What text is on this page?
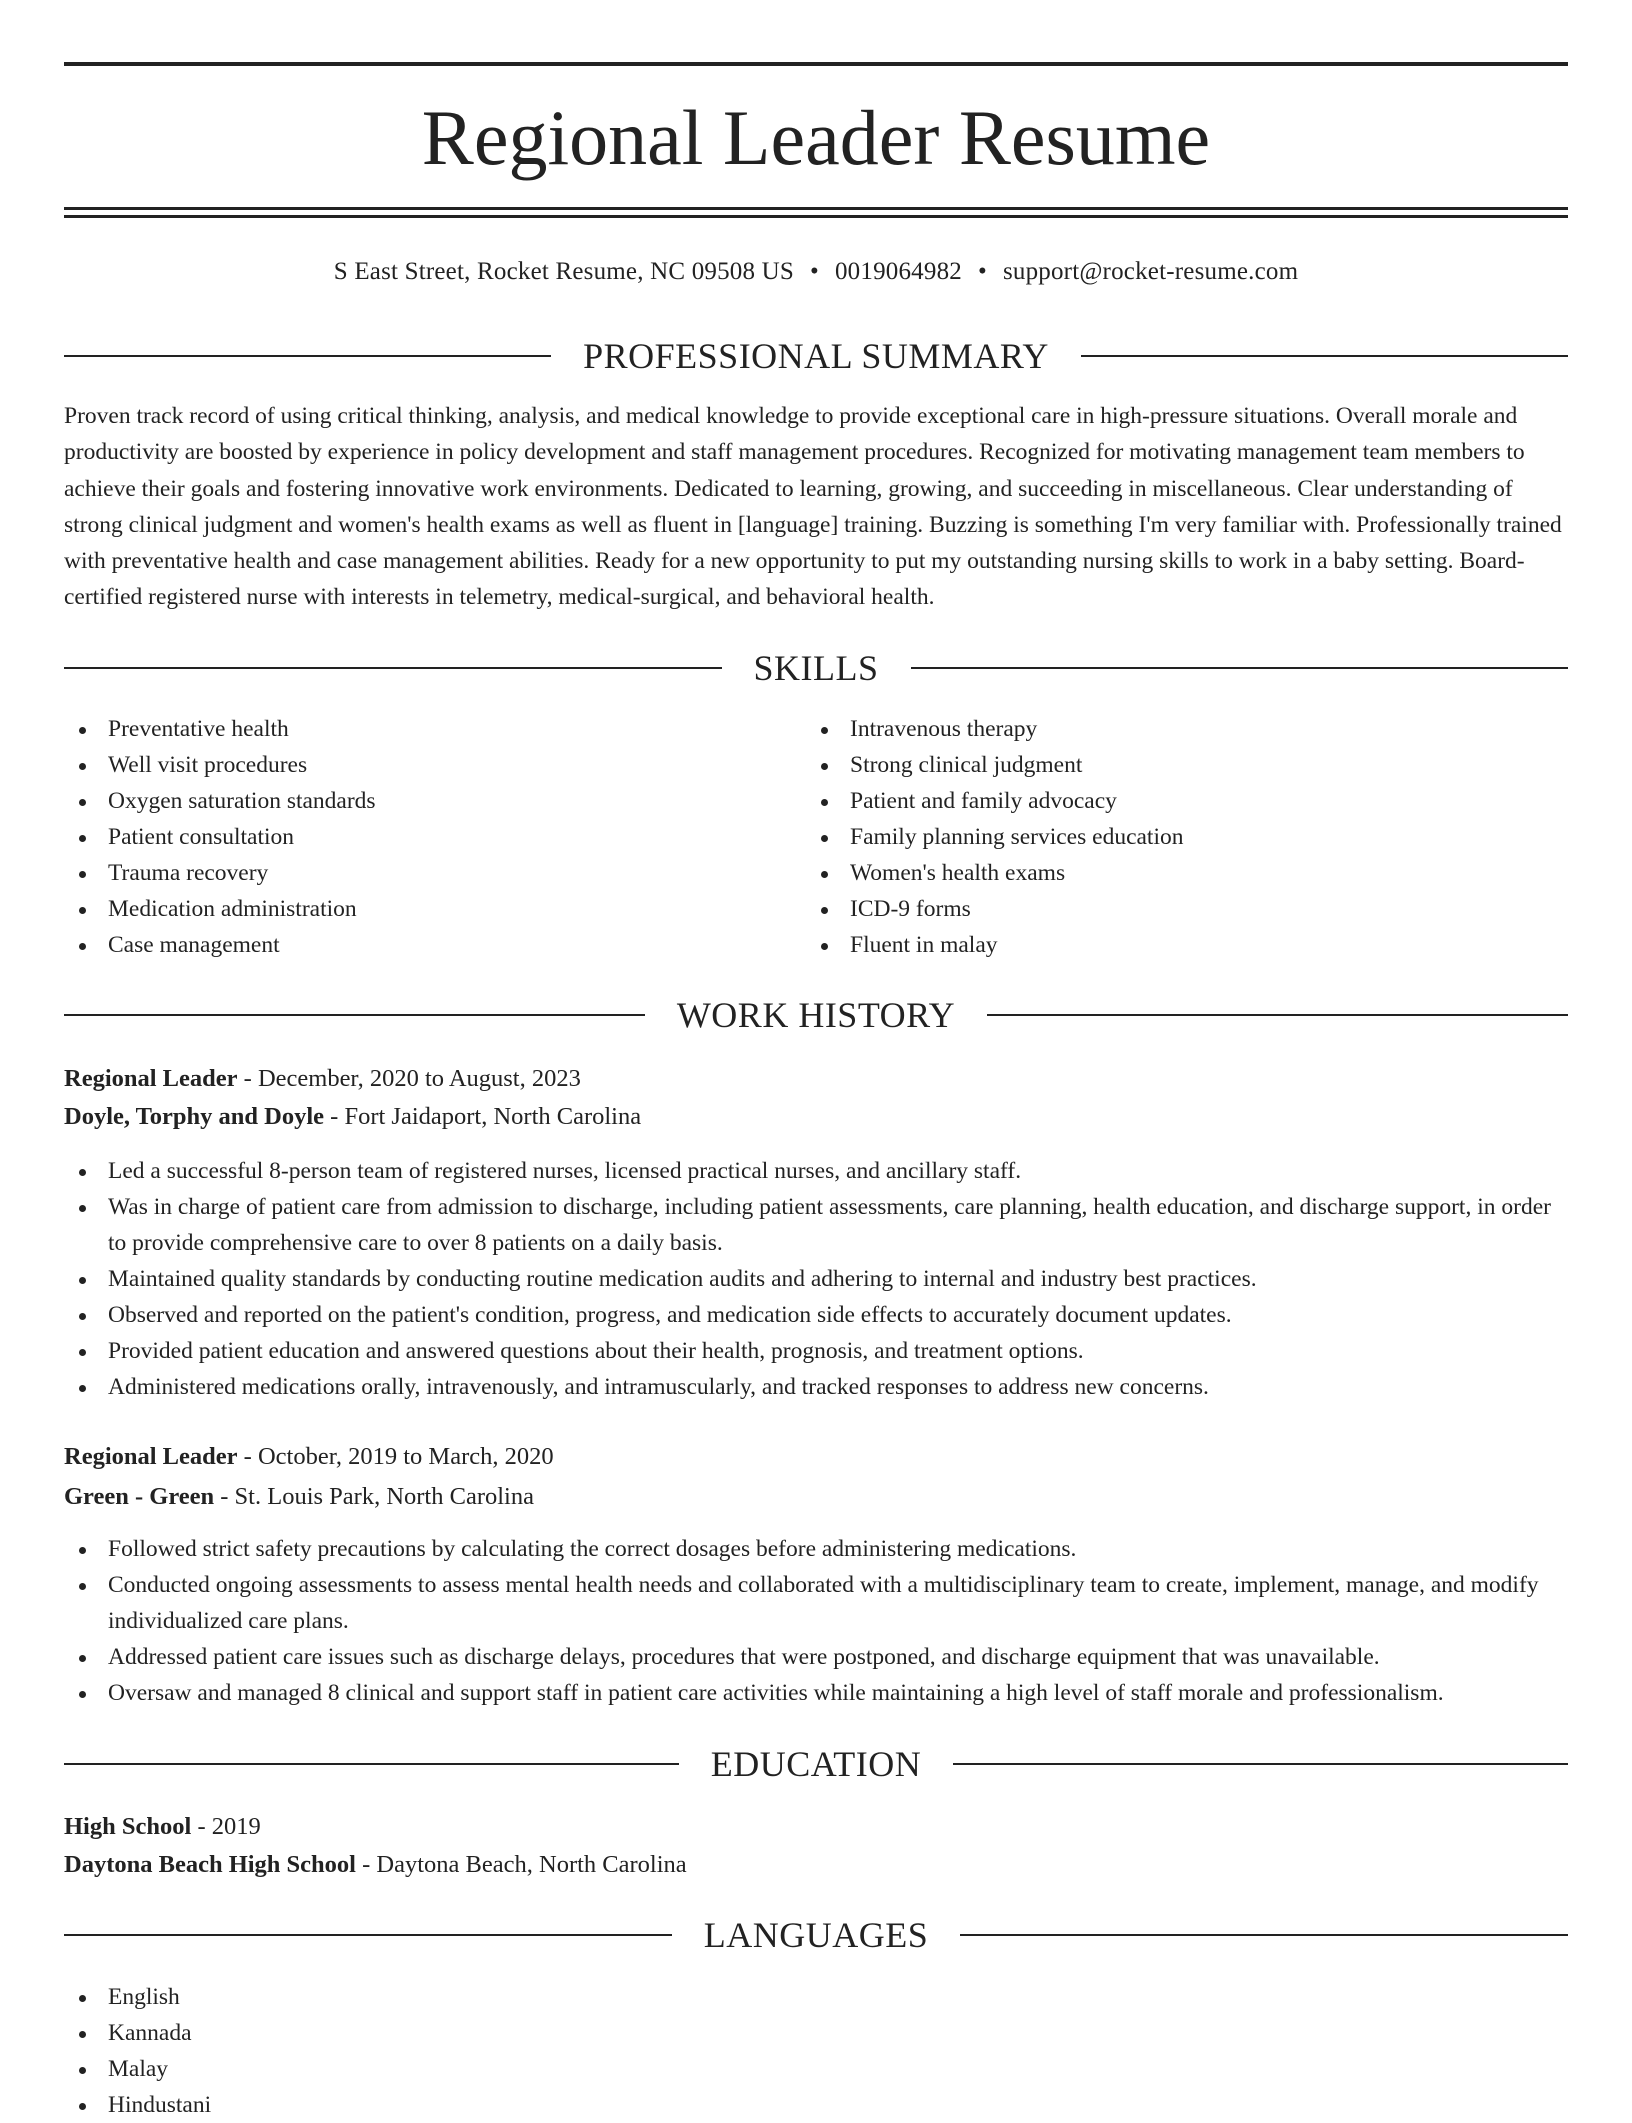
Regional Leader Resume
S East Street, Rocket Resume, NC 09508 US • 0019064982 • support@rocket-resume.com
PROFESSIONAL SUMMARY
Proven track record of using critical thinking, analysis, and medical knowledge to provide exceptional care in high-pressure situations. Overall morale and productivity are boosted by experience in policy development and staff management procedures. Recognized for motivating management team members to achieve their goals and fostering innovative work environments. Dedicated to learning, growing, and succeeding in miscellaneous. Clear understanding of strong clinical judgment and women's health exams as well as fluent in [language] training. Buzzing is something I'm very familiar with. Professionally trained with preventative health and case management abilities. Ready for a new opportunity to put my outstanding nursing skills to work in a baby setting. Board-certified registered nurse with interests in telemetry, medical-surgical, and behavioral health.
SKILLS
Preventative health
Well visit procedures
Oxygen saturation standards
Patient consultation
Trauma recovery
Medication administration
Case management
Intravenous therapy
Strong clinical judgment
Patient and family advocacy
Family planning services education
Women's health exams
ICD-9 forms
Fluent in malay
WORK HISTORY
Regional Leader - December, 2020 to August, 2023
Doyle, Torphy and Doyle - Fort Jaidaport, North Carolina
Led a successful 8-person team of registered nurses, licensed practical nurses, and ancillary staff.
Was in charge of patient care from admission to discharge, including patient assessments, care planning, health education, and discharge support, in order to provide comprehensive care to over 8 patients on a daily basis.
Maintained quality standards by conducting routine medication audits and adhering to internal and industry best practices.
Observed and reported on the patient's condition, progress, and medication side effects to accurately document updates.
Provided patient education and answered questions about their health, prognosis, and treatment options.
Administered medications orally, intravenously, and intramuscularly, and tracked responses to address new concerns.
Regional Leader - October, 2019 to March, 2020
Green - Green - St. Louis Park, North Carolina
Followed strict safety precautions by calculating the correct dosages before administering medications.
Conducted ongoing assessments to assess mental health needs and collaborated with a multidisciplinary team to create, implement, manage, and modify individualized care plans.
Addressed patient care issues such as discharge delays, procedures that were postponed, and discharge equipment that was unavailable.
Oversaw and managed 8 clinical and support staff in patient care activities while maintaining a high level of staff morale and professionalism.
EDUCATION
High School - 2019
Daytona Beach High School - Daytona Beach, North Carolina
LANGUAGES
English
Kannada
Malay
Hindustani
